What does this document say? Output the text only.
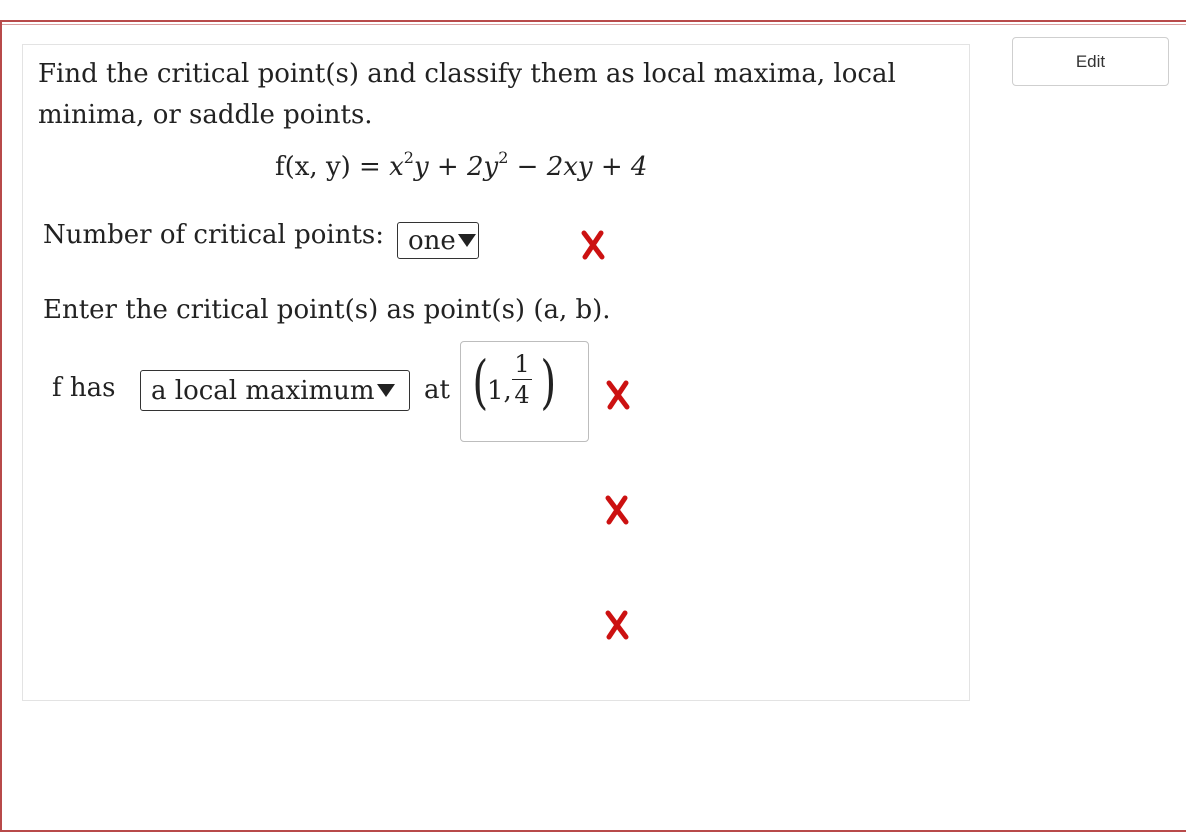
Edit
Find the critical point(s) and classify them as local maxima, local minima, or saddle points.
f(x, $y) = x^2y + 2y^2 - 2xy + 4$
Number of critical points: one
Enter the critical point(s) as point(s) (a, b).
f has a local maximum at (
1,
1
4 )
